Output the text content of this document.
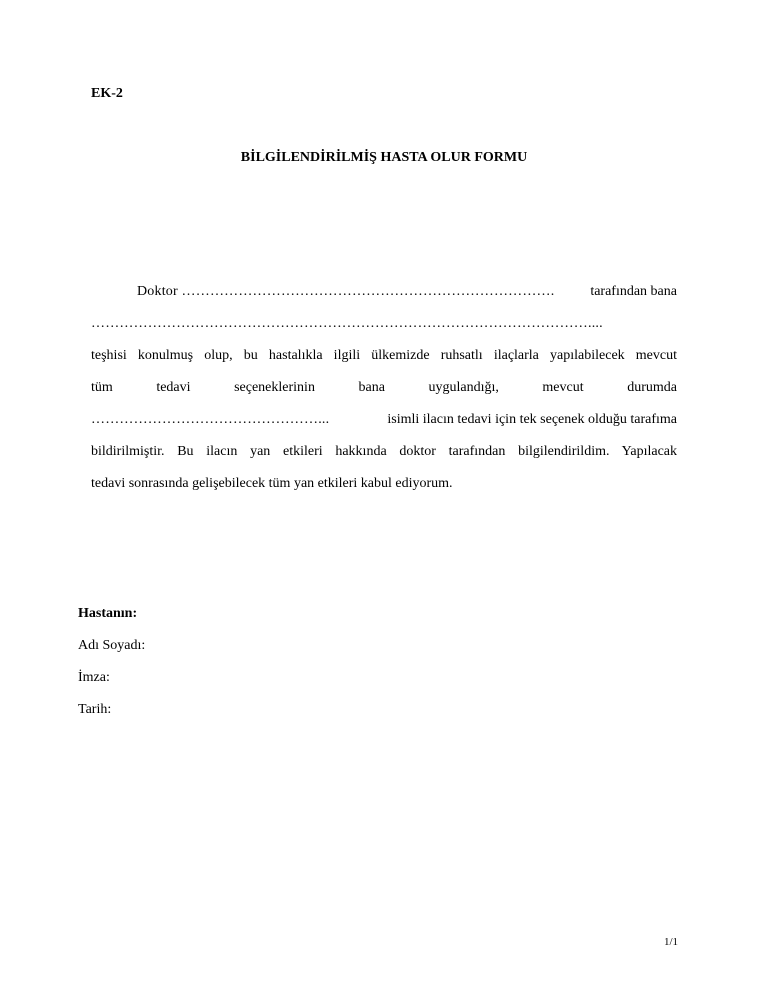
EK-2
BİLGİLENDİRİLMİŞ HASTA OLUR FORMU
Doktor …………………………………………………………………….	tarafından bana
……………………………………………………………………………………………....
teşhisi konulmuş olup, bu hastalıkla ilgili ülkemizde ruhsatlı ilaçlarla yapılabilecek mevcut
tüm	tedavi	seçeneklerinin	bana	uygulandığı,	mevcut	durumda
…………………………………………...	isimli ilacın tedavi için tek seçenek olduğu tarafıma
bildirilmiştir. Bu ilacın yan etkileri hakkında doktor tarafından bilgilendirildim. Yapılacak
tedavi sonrasında gelişebilecek tüm yan etkileri kabul ediyorum.
Hastanın:
Adı Soyadı:
İmza:
Tarih:
1/1
